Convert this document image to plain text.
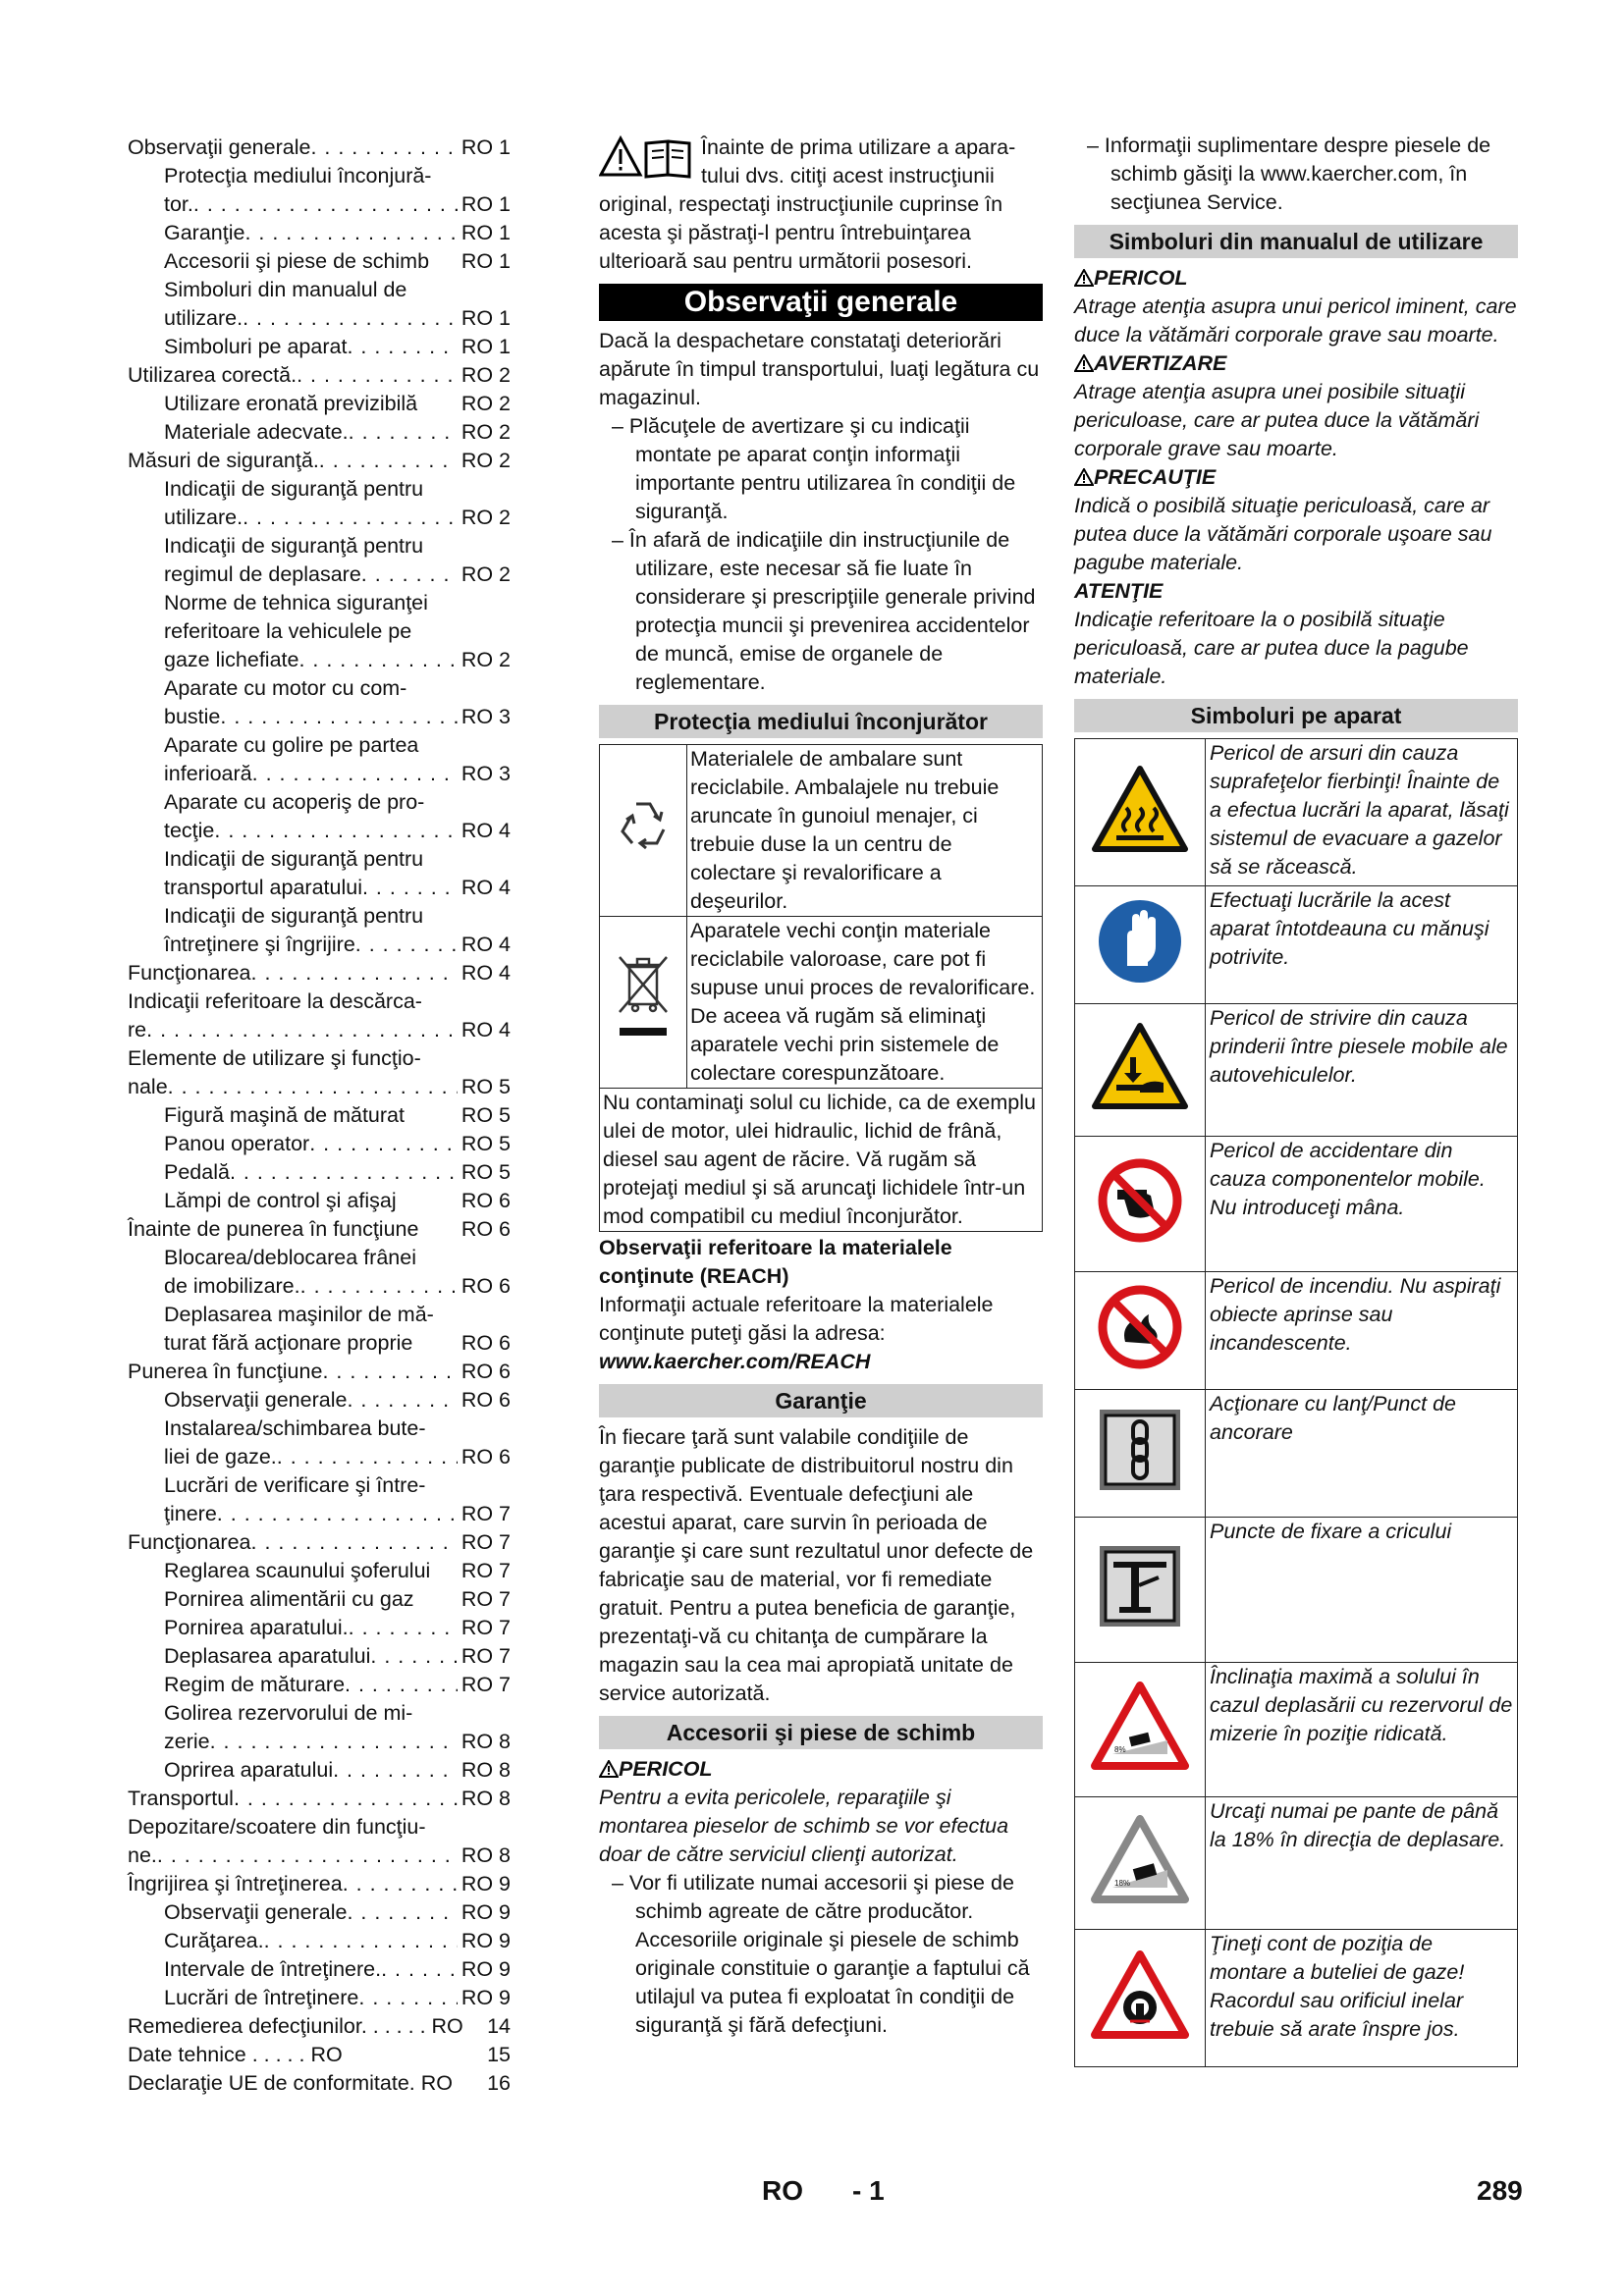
Observaţii generale . . .	RO 1
Protecţia mediului înconjură-
tor. . . .	RO 1
Garanţie . . .	RO 1
Accesorii şi piese de schimb RO 1
Simboluri din manualul de
utilizare. . . .	RO 1
Simboluri pe aparat . . .	RO 1
Utilizarea corectă. . . .	RO 2
Utilizare eronată previzibilă RO 2
Materiale adecvate. . . .	RO 2
Măsuri de siguranţă. . . .	RO 2
Indicaţii de siguranţă pentru
utilizare. . . .	RO 2
Indicaţii de siguranţă pentru
regimul de deplasare . . .	RO 2
Norme de tehnica siguranţei
referitoare la vehiculele pe
gaze lichefiate . . .	RO 2
Aparate cu motor cu com-
bustie . . .	RO 3
Aparate cu golire pe partea
inferioară . . .	RO 3
Aparate cu acoperiş de pro-
tecţie . . .	RO 4
Indicaţii de siguranţă pentru
transportul aparatului . . .	RO 4
Indicaţii de siguranţă pentru
întreţinere şi îngrijire . . .	RO 4
Funcţionarea . . .	RO 4
Indicaţii referitoare la descărca-
re . . .	RO 4
Elemente de utilizare şi funcţio-
nale . . .	RO 5
Figură maşină de măturat	RO 5
Panou operator . . .	RO 5
Pedală . . .	RO 5
Lămpi de control şi afişaj	RO 6
Înainte de punerea în funcţiune RO 6
Blocarea/deblocarea frânei
de imobilizare. . . .	RO 6
Deplasarea maşinilor de mă-
turat fără acţionare proprie RO 6
Punerea în funcţiune . . .	RO 6
Observaţii generale . . .	RO 6
Instalarea/schimbarea bute-
liei de gaze. . . .	RO 6
Lucrări de verificare şi între-
ţinere . . .	RO 7
Funcţionarea . . .	RO 7
Reglarea scaunului şoferului RO 7
Pornirea alimentării cu gaz RO 7
Pornirea aparatului. . . .	RO 7
Deplasarea aparatului . . .	RO 7
Regim de măturare . . .	RO 7
Golirea rezervorului de mi-
zerie . . .	RO 8
Oprirea aparatului . . .	RO 8
Transportul . . .	RO 8
Depozitare/scoatere din funcţiu-
ne. . . .	RO 8
Îngrijirea şi întreţinerea . . .	RO 9
Observaţii generale . . .	RO 9
Curăţarea. . . .	RO 9
Intervale de întreţinere. . . .	RO 9
Lucrări de întreţinere . . .	RO 9
Remedierea defecţiunilor. . . . . . RO	14
Date tehnice . . . . . RO	15
Declaraţie UE de conformitate. RO	16
Înainte de prima utilizare a apara-
tului dvs. citiţi acest instrucţiunii

original, respectaţi instrucţiunile cuprinse în acesta şi păstraţi-l pentru întrebuinţarea ulterioară sau pentru următorii posesori.

Observaţii generale

Dacă la despachetare constataţi deteriorări apărute în timpul transportului, luaţi legătura cu magazinul.

– Plăcuţele de avertizare şi cu indicaţii montate pe aparat conţin informaţii importante pentru utilizarea în condiţii de siguranţă.
– În afară de indicaţiile din instrucţiunile de utilizare, este necesar să fie luate în considerare şi prescripţiile generale privind protecţia muncii şi prevenirea accidentelor de muncă, emise de organele de reglementare.
Protecţia mediului înconjurător
	Materialele de ambalare sunt reciclabile. Ambalajele nu trebuie aruncate în gunoiul menajer, ci trebuie duse la un centru de colectare şi revalorificare a deşeurilor.
	Aparatele vechi conţin materiale reciclabile valoroase, care pot fi supuse unui proces de revalorificare. De aceea vă rugăm să eliminaţi aparatele vechi prin sistemele de colectare corespunzătoare.
Nu contaminaţi solul cu lichide, ca de exemplu ulei de motor, ulei hidraulic, lichid de frână, diesel sau agent de răcire. Vă rugăm să protejaţi mediul şi să aruncaţi lichidele într-un mod compatibil cu mediul înconjurător.	

Observaţii referitoare la materialele conţinute (REACH)

Informaţii actuale referitoare la materialele conţinute puteţi găsi la adresa:

www.kaercher.com/REACH

Garanţie

În fiecare ţară sunt valabile condiţiile de garanţie publicate de distribuitorul nostru din ţara respectivă. Eventuale defecţiuni ale acestui aparat, care survin în perioada de garanţie şi care sunt rezultatul unor defecte de fabricaţie sau de material, vor fi remediate gratuit. Pentru a putea beneficia de garanţie, prezentaţi-vă cu chitanţa de cumpărare la magazin sau la cea mai apropiată unitate de service autorizată.

Accesorii şi piese de schimb
PERICOL

Pentru a evita pericolele, reparaţiile şi montarea pieselor de schimb se vor efectua doar de către serviciul clienţi autorizat.

– Vor fi utilizate numai accesorii şi piese de schimb agreate de către producător. Accesoriile originale şi piesele de schimb originale constituie o garanţie a faptului că utilajul va putea fi exploatat în condiţii de siguranţă şi fără defecţiuni.
– Informaţii suplimentare despre piesele de schimb găsiţi la www.kaercher.com, în secţiunea Service.
Simboluri din manualul de utilizare
PERICOL

Atrage atenţia asupra unui pericol iminent, care duce la vătămări corporale grave sau moarte.

AVERTIZARE

Atrage atenţia asupra unei posibile situaţii periculoase, care ar putea duce la vătămări corporale grave sau moarte.

PRECAUŢIE

Indică o posibilă situaţie periculoasă, care ar putea duce la vătămări corporale uşoare sau pagube materiale.

ATENŢIE

Indicaţie referitoare la o posibilă situaţie periculoasă, care ar putea duce la pagube materiale.

Simboluri pe aparat
	Pericol de arsuri din cauza suprafeţelor fierbinţi! Înainte de a efectua lucrări la aparat, lăsaţi sistemul de evacuare a gazelor să se răcească.
	Efectuaţi lucrările la acest aparat întotdeauna cu mănuşi potrivite.
	Pericol de strivire din cauza prinderii între piesele mobile ale autovehiculelor.
	Pericol de accidentare din cauza componentelor mobile. Nu introduceţi mâna.
	Pericol de incendiu. Nu aspiraţi obiecte aprinse sau incandescente.
	Acţionare cu lanţ/Punct de ancorare
	Puncte de fixare a cricului

8%	Înclinaţia maximă a solului în cazul deplasării cu rezervorul de mizerie în poziţie ridicată.

18%	Urcaţi numai pe pante de până la 18% în direcţia de deplasare.
	Ţineţi cont de poziţia de montare a buteliei de gaze! Racordul sau orificiul inelar trebuie să arate înspre jos.
RO - 1	289
